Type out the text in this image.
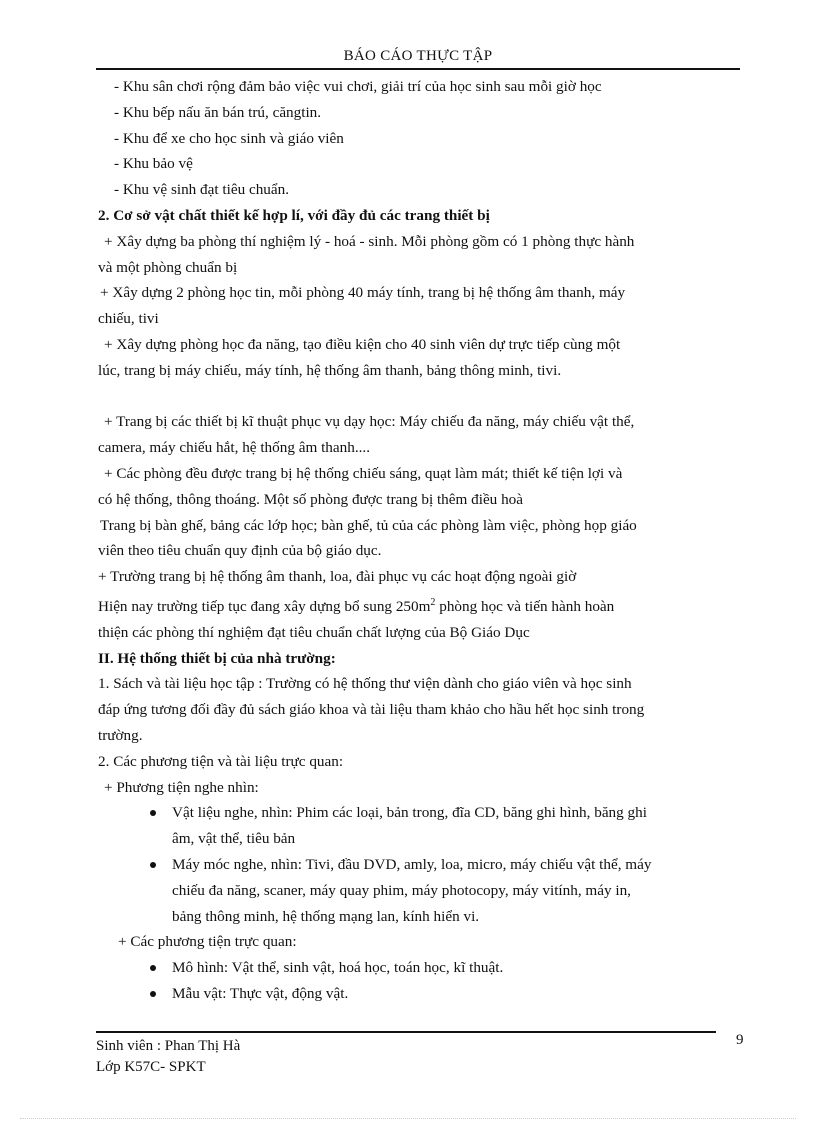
BÁO CÁO THỰC TẬP

- Khu sân chơi rộng đảm bảo việc vui chơi, giải trí của học sinh sau mỗi giờ học

- Khu bếp nấu ăn bán trú, căngtin.

- Khu để xe cho học sinh và giáo viên

- Khu bảo vệ

- Khu vệ sinh đạt tiêu chuẩn.

2. Cơ sở vật chất thiết kế hợp lí, với đầy đủ các trang thiết bị

+ Xây dựng ba phòng thí nghiệm lý - hoá - sinh. Mỗi phòng gồm có 1 phòng thực hành

và một phòng chuẩn bị

+ Xây dựng 2 phòng học tin, mỗi phòng 40 máy tính, trang bị hệ thống âm thanh, máy

chiếu, tivi

+ Xây dựng phòng học đa năng, tạo điều kiện cho 40 sinh viên dự trực tiếp cùng một

lúc, trang bị máy chiếu, máy tính, hệ thống âm thanh, bảng thông minh, tivi.

+ Trang bị các thiết bị kĩ thuật phục vụ dạy học: Máy chiếu đa năng, máy chiếu vật thể,

camera, máy chiếu hắt, hệ thống âm thanh....

+ Các phòng đều được trang bị hệ thống chiếu sáng, quạt làm mát; thiết kế tiện lợi và

có hệ thống, thông thoáng. Một số phòng được trang bị thêm điều hoà

Trang bị bàn ghế, bảng các lớp học; bàn ghế, tủ của các phòng làm việc, phòng họp giáo

viên theo tiêu chuẩn quy định của bộ giáo dục.

+ Trường trang bị hệ thống âm thanh, loa, đài phục vụ các hoạt động ngoài giờ

Hiện nay trường tiếp tục đang xây dựng bổ sung $250m^2$ phòng học và tiến hành hoàn

thiện các phòng thí nghiệm đạt tiêu chuẩn chất lượng của Bộ Giáo Dục

II. Hệ thống thiết bị của nhà trường:

1. Sách và tài liệu học tập : Trường có hệ thống thư viện dành cho giáo viên và học sinh

đáp ứng tương đối đầy đủ sách giáo khoa và tài liệu tham khảo cho hầu hết học sinh trong

trường.

2. Các phương tiện và tài liệu trực quan:

+ Phương tiện nghe nhìn:

Vật liệu nghe, nhìn: Phim các loại, bản trong, đĩa CD, băng ghi hình, băng ghi
âm, vật thể, tiêu bản
Máy móc nghe, nhìn: Tivi, đầu DVD, amly, loa, micro, máy chiếu vật thể, máy
chiếu đa năng, scaner, máy quay phim, máy photocopy, máy vitính, máy in,
bảng thông minh, hệ thống mạng lan, kính hiển vi.

+ Các phương tiện trực quan:

Mô hình: Vật thể, sinh vật, hoá học, toán học, kĩ thuật.
Mẫu vật: Thực vật, động vật.
Sinh viên : Phan Thị Hà
Lớp K57C- SPKT
9
